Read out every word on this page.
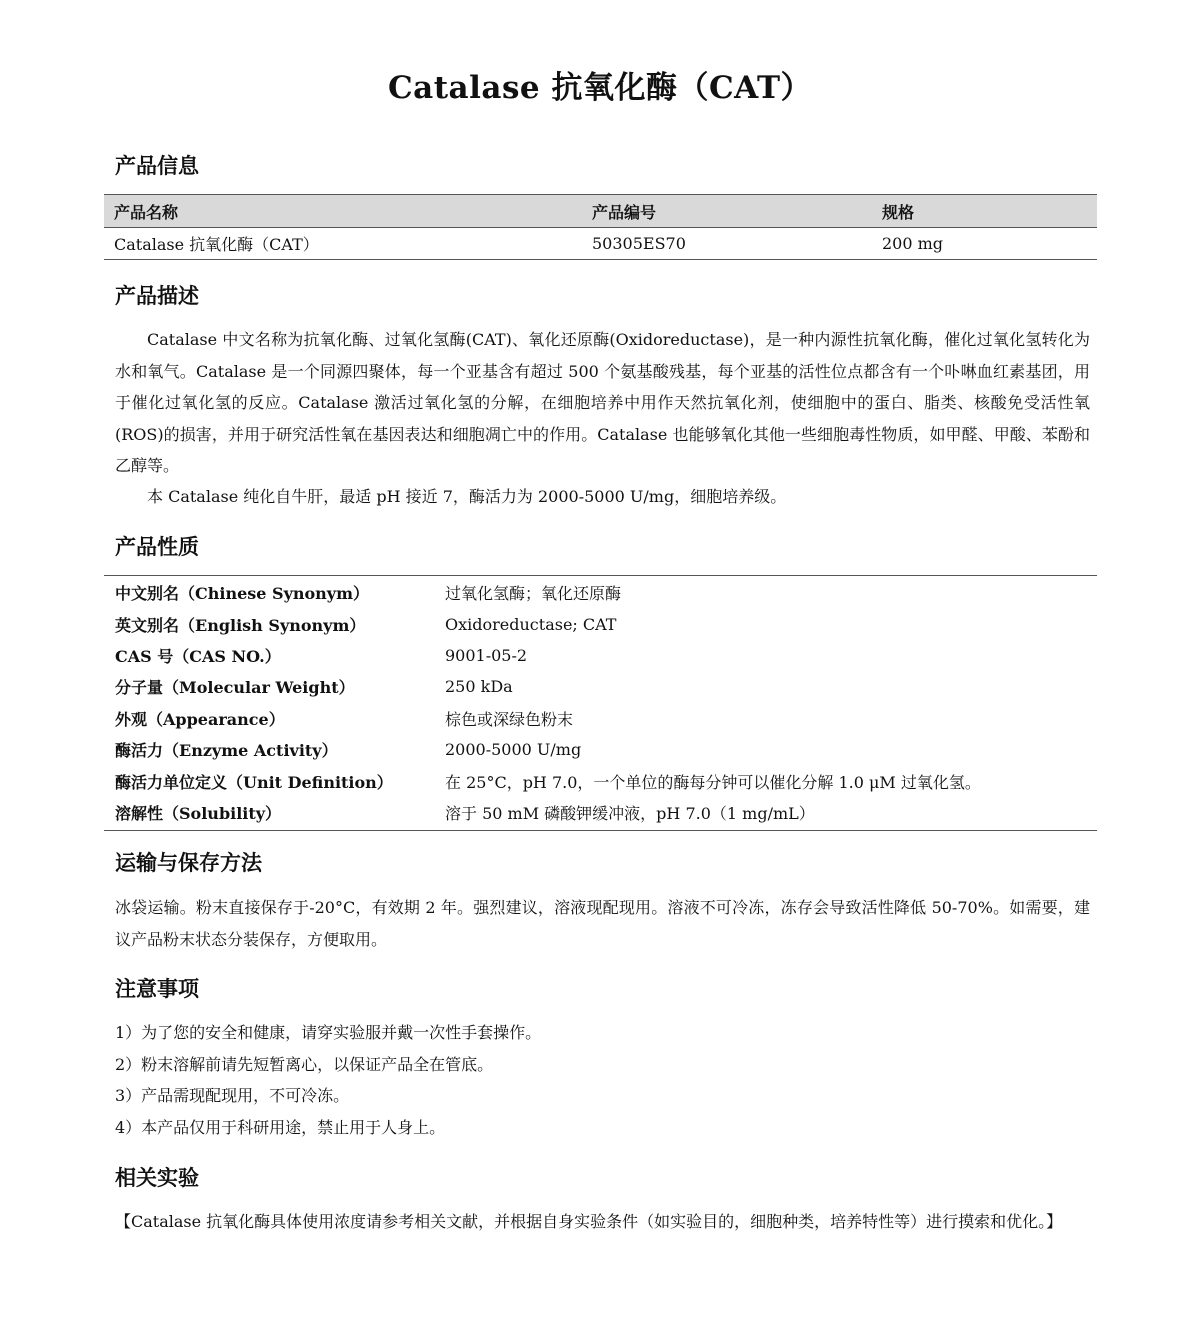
Catalase 抗氧化酶（CAT）
产品信息
产品名称	产品编号	规格
Catalase 抗氧化酶（CAT）	50305ES70	200 mg
产品描述
Catalase 中文名称为抗氧化酶、过氧化氢酶(CAT)、氧化还原酶(Oxidoreductase)，是一种内源性抗氧化酶，催化过氧化氢转化为水和氧气。Catalase 是一个同源四聚体，每一个亚基含有超过 500 个氨基酸残基，每个亚基的活性位点都含有一个卟啉血红素基团，用于催化过氧化氢的反应。Catalase 激活过氧化氢的分解，在细胞培养中用作天然抗氧化剂，使细胞中的蛋白、脂类、核酸免受活性氧(ROS)的损害，并用于研究活性氧在基因表达和细胞凋亡中的作用。Catalase 也能够氧化其他一些细胞毒性物质，如甲醛、甲酸、苯酚和乙醇等。
本 Catalase 纯化自牛肝，最适 pH 接近 7，酶活力为 2000-5000 U/mg，细胞培养级。
产品性质
中文别名（Chinese Synonym）	过氧化氢酶；氧化还原酶
英文别名（English Synonym）	Oxidoreductase; CAT
CAS 号（CAS NO.）	9001-05-2
分子量（Molecular Weight）	250 kDa
外观（Appearance）	棕色或深绿色粉末
酶活力（Enzyme Activity）	2000-5000 U/mg
酶活力单位定义（Unit Definition）	在 25°C，pH 7.0，一个单位的酶每分钟可以催化分解 1.0 μM 过氧化氢。
溶解性（Solubility）	溶于 50 mM 磷酸钾缓冲液，pH 7.0（1 mg/mL）
运输与保存方法
冰袋运输。粉末直接保存于-20°C，有效期 2 年。强烈建议，溶液现配现用。溶液不可冷冻，冻存会导致活性降低 50-70%。如需要，建议产品粉末状态分装保存，方便取用。
注意事项
1）为了您的安全和健康，请穿实验服并戴一次性手套操作。
2）粉末溶解前请先短暂离心，以保证产品全在管底。
3）产品需现配现用，不可冷冻。
4）本产品仅用于科研用途，禁止用于人身上。
相关实验
【Catalase 抗氧化酶具体使用浓度请参考相关文献，并根据自身实验条件（如实验目的，细胞种类，培养特性等）进行摸索和优化。】
